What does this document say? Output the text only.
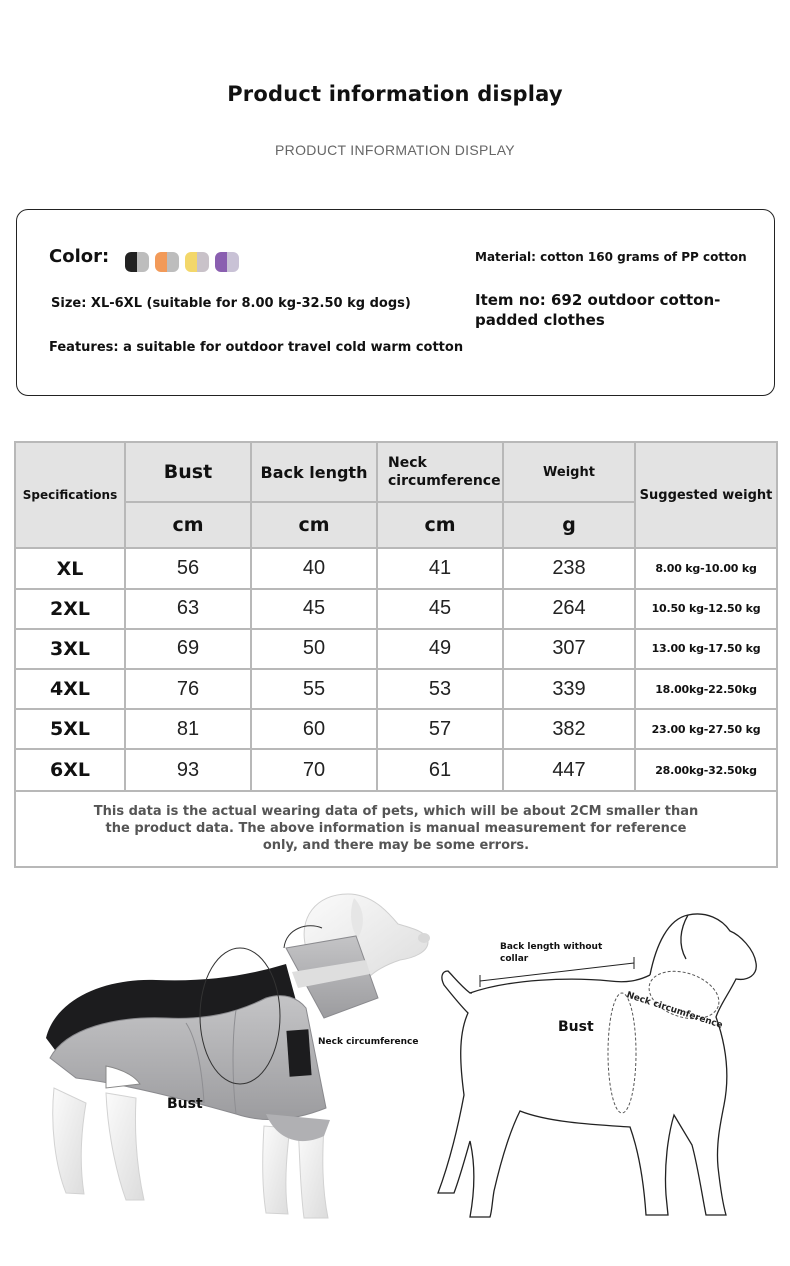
Product information display
PRODUCT INFORMATION DISPLAY
Color:
Size: XL-6XL (suitable for 8.00 kg-32.50 kg dogs)
Features: a suitable for outdoor travel cold warm cotton
Material: cotton 160 grams of PP cotton
Item no: 692 outdoor cotton-padded clothes
Specifications	Bust	Back length	Neck circumference	Weight	Suggested weight
	cm	cm	cm	g	
XL	56	40	41	238	8.00 kg-10.00 kg
2XL	63	45	45	264	10.50 kg-12.50 kg
3XL	69	50	49	307	13.00 kg-17.50 kg
4XL	76	55	53	339	18.00kg-22.50kg
5XL	81	60	57	382	23.00 kg-27.50 kg
6XL	93	70	61	447	28.00kg-32.50kg
This data is the actual wearing data of pets, which will be about 2CM smaller than the product data. The above information is manual measurement for reference only, and there may be some errors.					
Neck circumference
Neck circumference
Bust
Back length without collar
Bust
